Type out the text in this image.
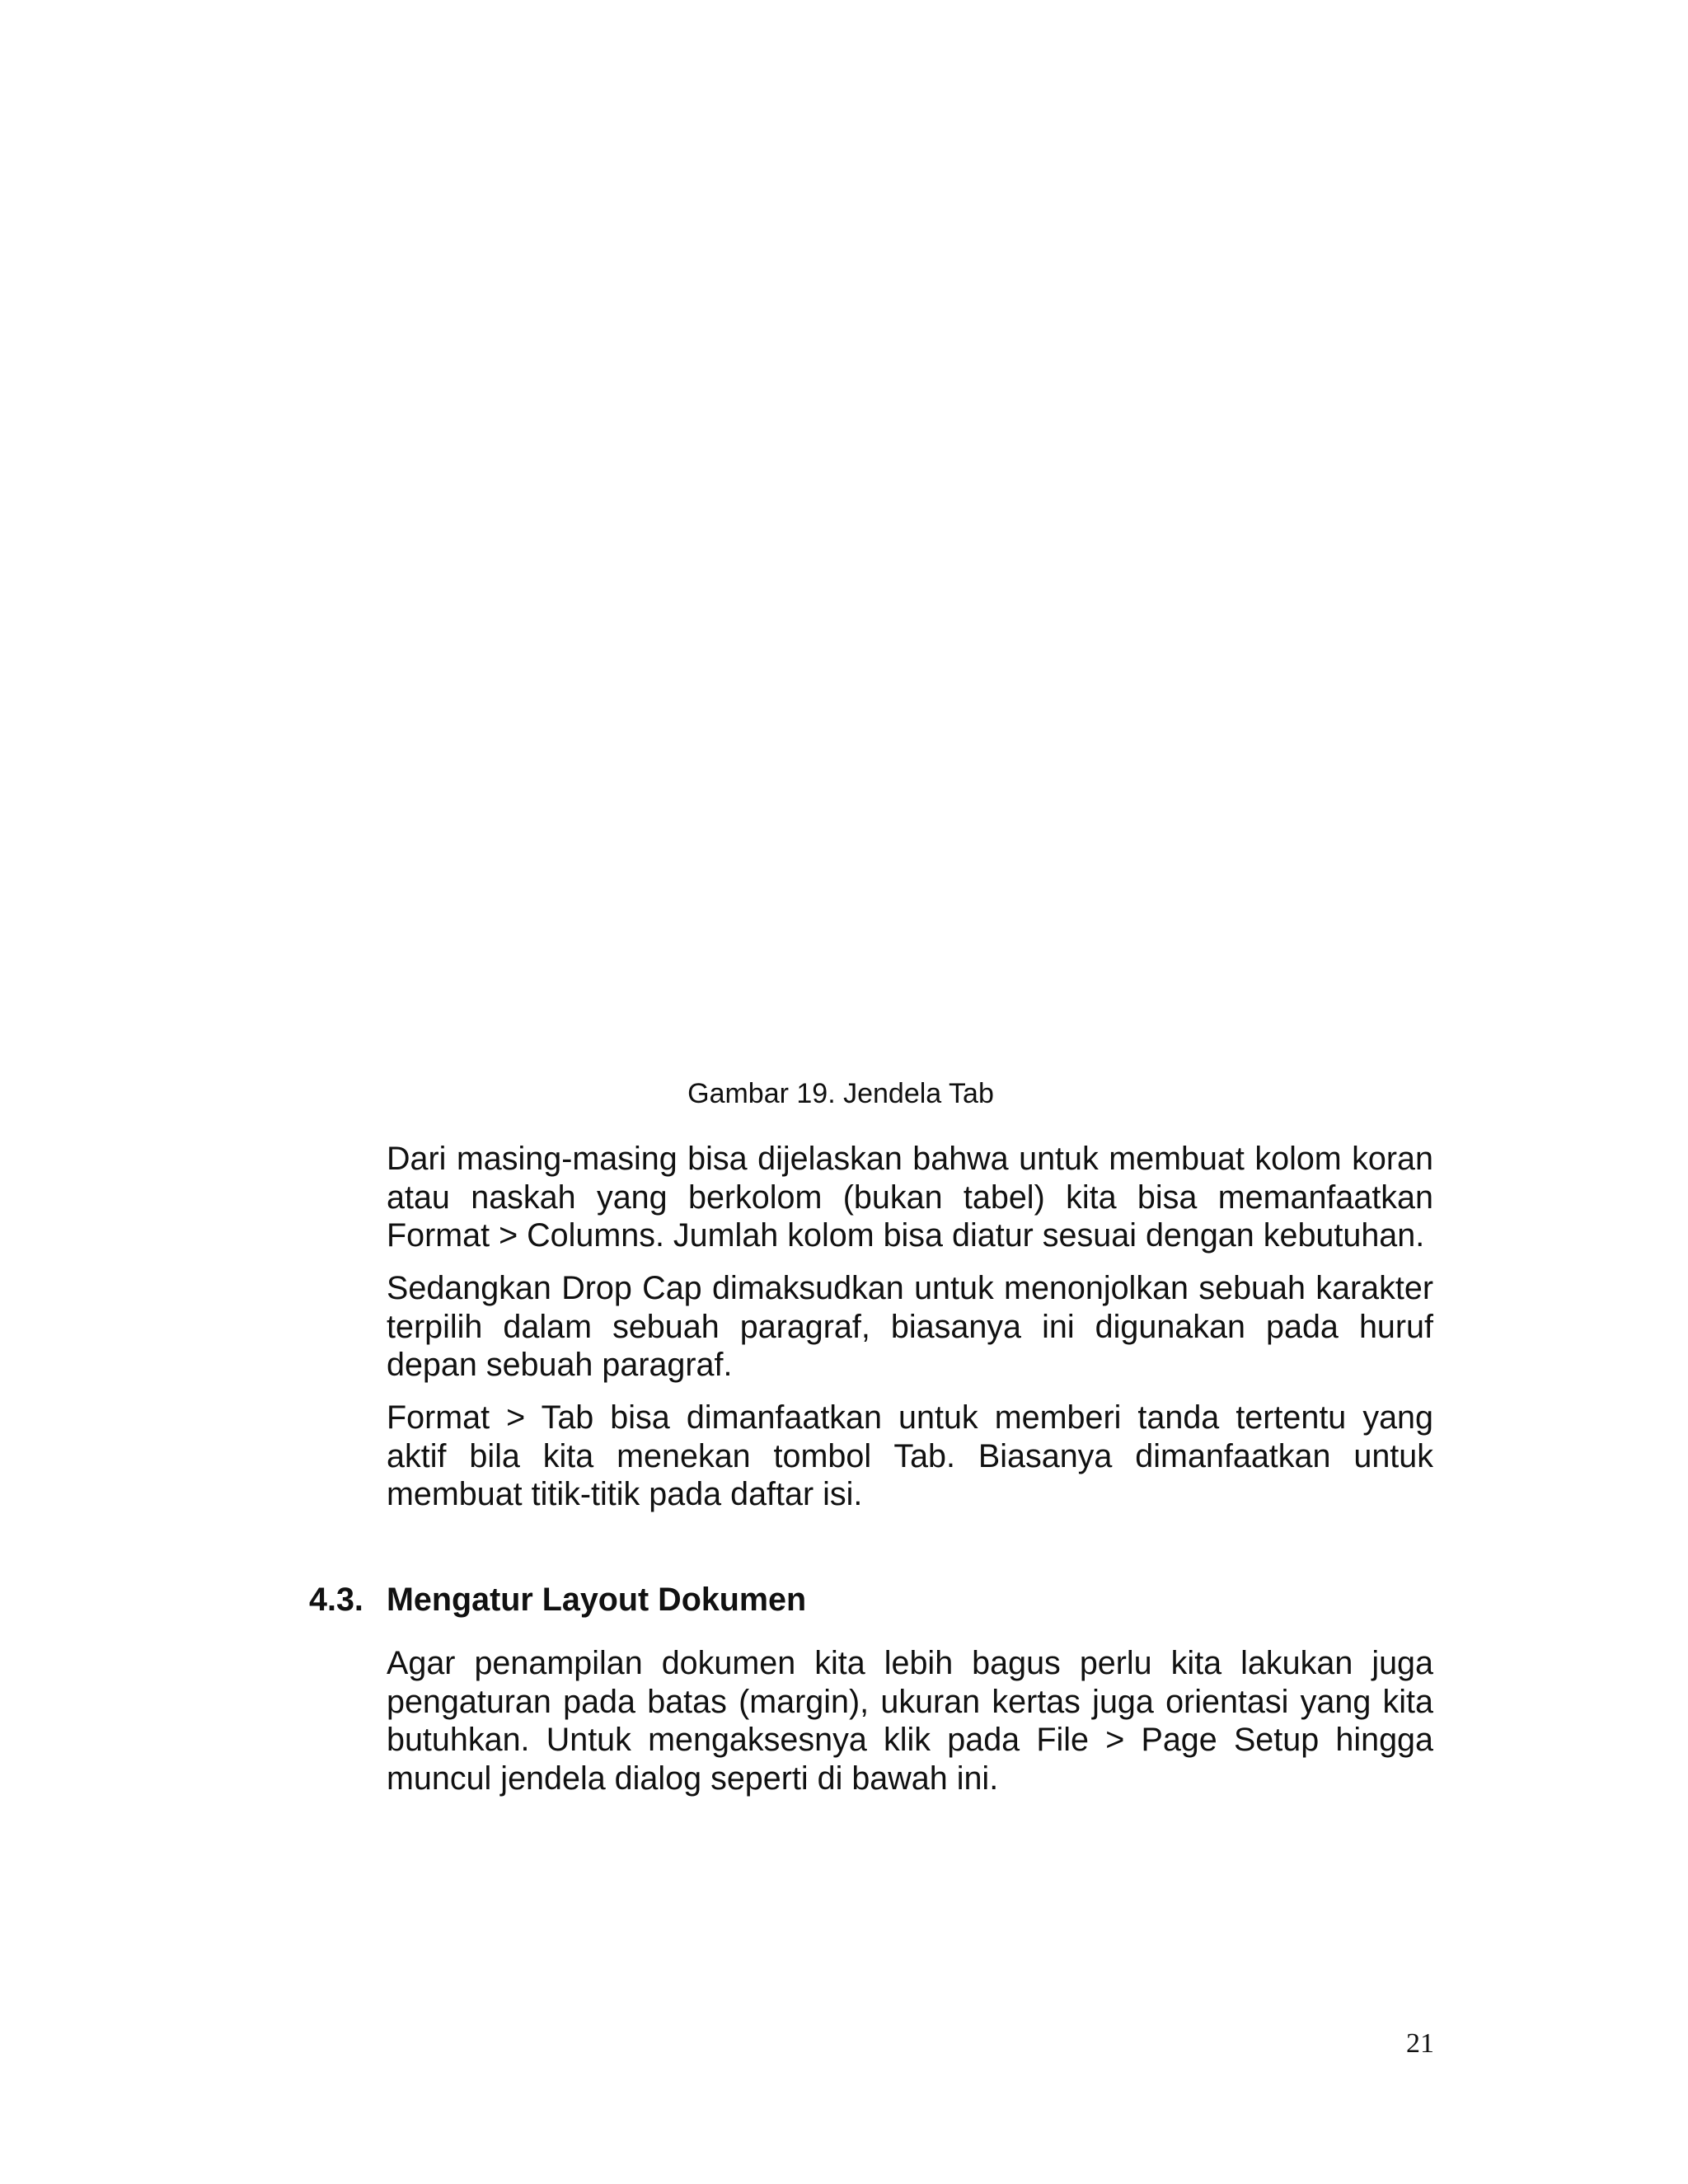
Gambar 19. Jendela Tab

Dari masing-masing bisa dijelaskan bahwa untuk membuat kolom koran atau naskah yang berkolom (bukan tabel) kita bisa memanfaatkan Format > Columns. Jumlah kolom bisa diatur sesuai dengan kebutuhan.

Sedangkan Drop Cap dimaksudkan untuk menonjolkan sebuah karakter terpilih dalam sebuah paragraf, biasanya ini digunakan pada huruf depan sebuah paragraf.

Format > Tab bisa dimanfaatkan untuk memberi tanda tertentu yang aktif bila kita menekan tombol Tab. Biasanya dimanfaatkan untuk membuat titik-titik pada daftar isi.

4.3. Mengatur Layout Dokumen

Agar penampilan dokumen kita lebih bagus perlu kita lakukan juga pengaturan pada batas (margin), ukuran kertas juga orientasi yang kita butuhkan. Untuk mengaksesnya klik pada File > Page Setup hingga muncul jendela dialog seperti di bawah ini.

21
